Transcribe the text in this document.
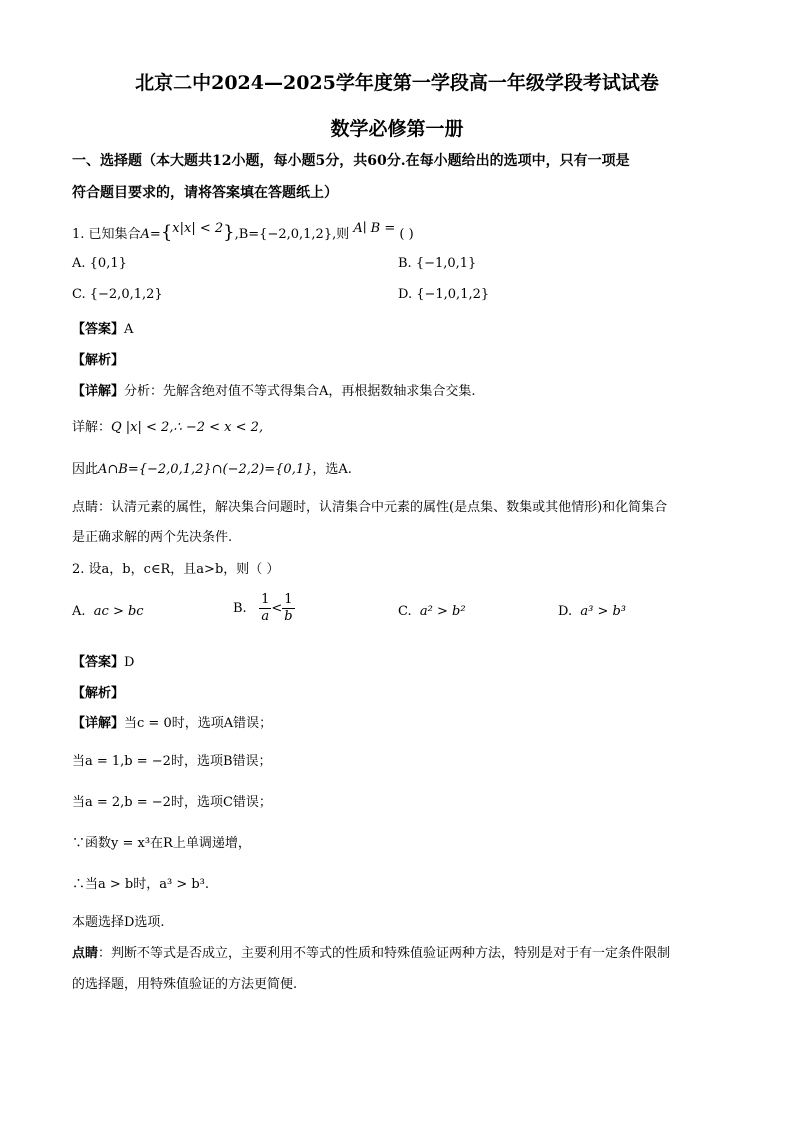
北京二中2024—2025学年度第一学段高一年级学段考试试卷
数学必修第一册
一、选择题（本大题共12小题，每小题5分，共60分.在每小题给出的选项中，只有一项是
符合题目要求的，请将答案填在答题纸上）
1. 已知集合A={x|x| < 2},B={−2,0,1,2},则 A∣ B = ( )
A. {0,1}	B. {−1,0,1}
C. {−2,0,1,2}	D. {−1,0,1,2}
【答案】A
【解析】
【详解】分析：先解含绝对值不等式得集合A，再根据数轴求集合交集.
详解：Q |x| < 2,∴ −2 < x < 2,
因此A∩B={−2,0,1,2}∩(−2,2)={0,1}，选A.
点睛：认清元素的属性，解决集合问题时，认清集合中元素的属性(是点集、数集或其他情形)和化简集合
是正确求解的两个先决条件.
2. 设a，b，c∈R，且a>b，则（ ）
A. ac > bc	B. $\frac{1}{a} < \frac{1}{b}$	C. a² > b²	D. a³ > b³
【答案】D
【解析】
【详解】当c = 0时，选项A错误；
当a = 1,b = −2时，选项B错误；
当a = 2,b = −2时，选项C错误；
∵函数y = x³在R上单调递增，
∴当a > b时，a³ > b³.
本题选择D选项.
点睛：判断不等式是否成立，主要利用不等式的性质和特殊值验证两种方法，特别是对于有一定条件限制
的选择题，用特殊值验证的方法更简便.
